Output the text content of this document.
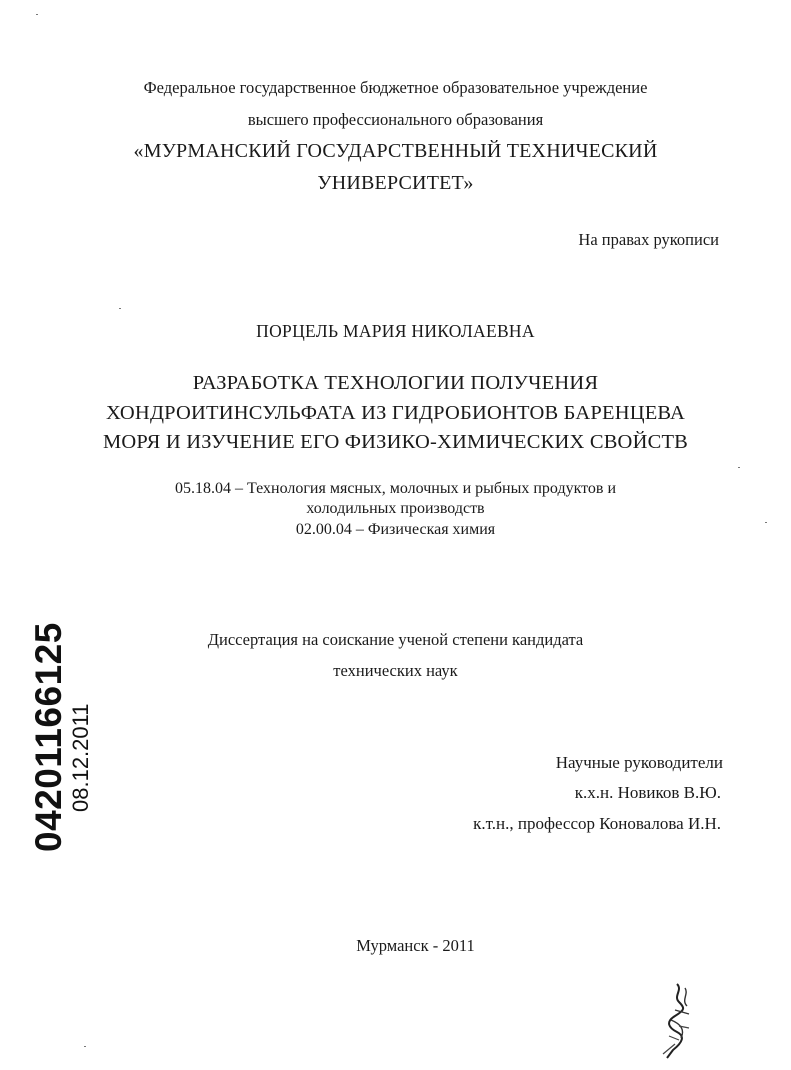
Федеральное государственное бюджетное образовательное учреждение
высшего профессионального образования
«МУРМАНСКИЙ ГОСУДАРСТВЕННЫЙ ТЕХНИЧЕСКИЙ
УНИВЕРСИТЕТ»
На правах рукописи
ПОРЦЕЛЬ МАРИЯ НИКОЛАЕВНА
РАЗРАБОТКА ТЕХНОЛОГИИ ПОЛУЧЕНИЯ
ХОНДРОИТИНСУЛЬФАТА ИЗ ГИДРОБИОНТОВ БАРЕНЦЕВА
МОРЯ И ИЗУЧЕНИЕ ЕГО ФИЗИКО-ХИМИЧЕСКИХ СВОЙСТВ
05.18.04 – Технология мясных, молочных и рыбных продуктов и
холодильных производств
02.00.04 – Физическая химия
Диссертация на соискание ученой степени кандидата
технических наук
Научные руководители
к.х.н. Новиков В.Ю.
к.т.н., профессор Коновалова И.Н.
Мурманск - 2011
04201166125 08.12.2011
